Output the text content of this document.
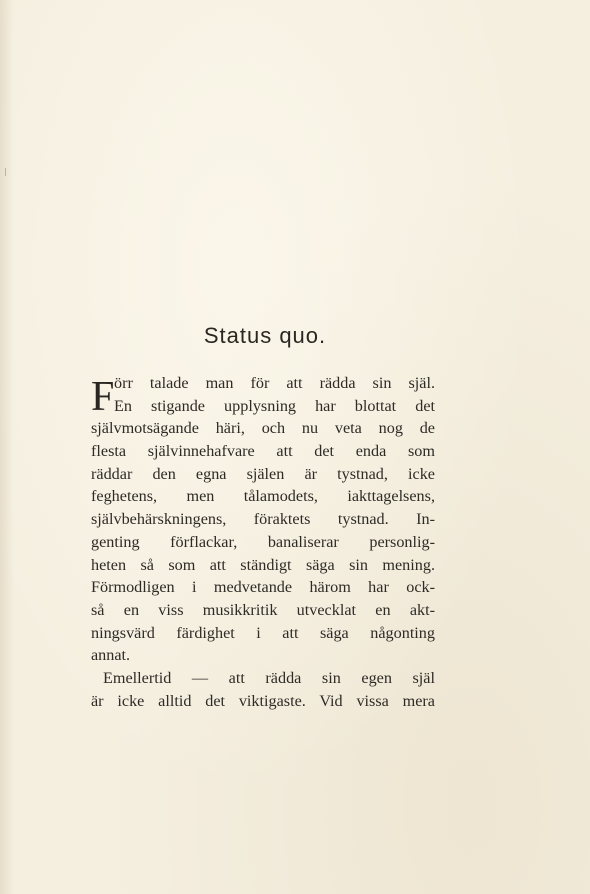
Status quo.
F örr talade man för att rädda sin själ.
En stigande upplysning har blottat det
självmotsägande häri, och nu veta nog de
flesta självinnehafvare att det enda som
räddar den egna själen är tystnad, icke
feghetens, men tålamodets, iakttagelsens,
självbehärskningens, föraktets tystnad. In-
genting förflackar, banaliserar personlig-
heten så som att ständigt säga sin mening.
Förmodligen i medvetande härom har ock-
så en viss musikkritik utvecklat en akt-
ningsvärd färdighet i att säga någonting
annat.
Emellertid — att rädda sin egen själ
är icke alltid det viktigaste. Vid vissa mera
